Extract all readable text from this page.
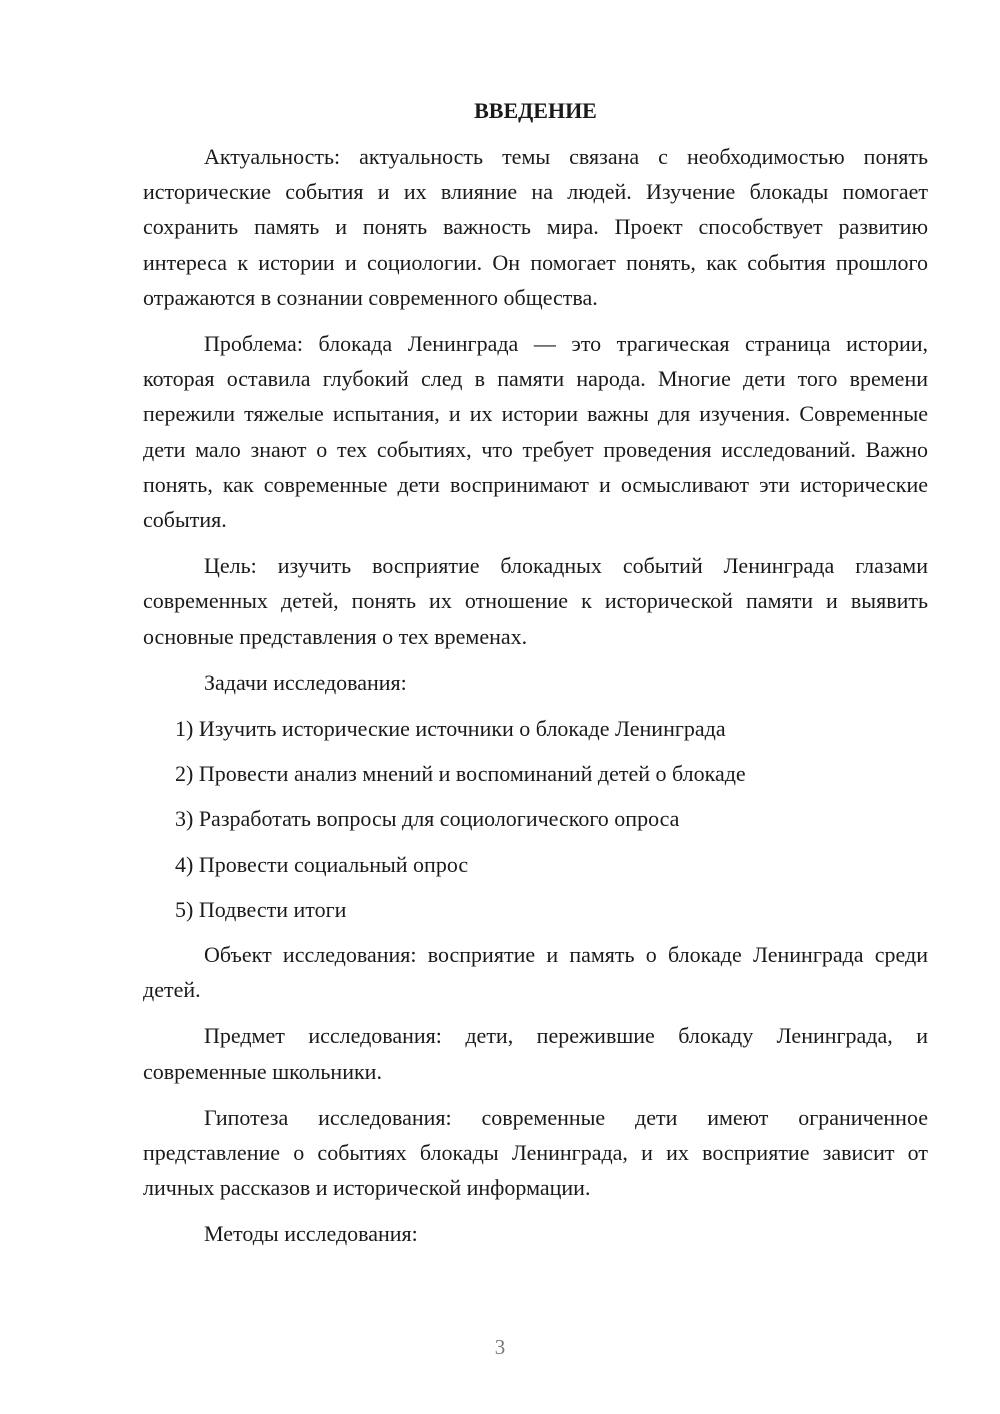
ВВЕДЕНИЕ

Актуальность: актуальность темы связана с необходимостью понять исторические события и их влияние на людей. Изучение блокады помогает сохранить память и понять важность мира. Проект способствует развитию интереса к истории и социологии. Он помогает понять, как события прошлого отражаются в сознании современного общества.

Проблема: блокада Ленинграда — это трагическая страница истории, которая оставила глубокий след в памяти народа. Многие дети того времени пережили тяжелые испытания, и их истории важны для изучения. Современные дети мало знают о тех событиях, что требует проведения исследований. Важно понять, как современные дети воспринимают и осмысливают эти исторические события.

Цель: изучить восприятие блокадных событий Ленинграда глазами современных детей, понять их отношение к исторической памяти и выявить основные представления о тех временах.

Задачи исследования:

1) Изучить исторические источники о блокаде Ленинграда

2) Провести анализ мнений и воспоминаний детей о блокаде

3) Разработать вопросы для социологического опроса

4) Провести социальный опрос

5) Подвести итоги

Объект исследования: восприятие и память о блокаде Ленинграда среди детей.

Предмет исследования: дети, пережившие блокаду Ленинграда, и современные школьники.

Гипотеза исследования: современные дети имеют ограниченное представление о событиях блокады Ленинграда, и их восприятие зависит от личных рассказов и исторической информации.

Методы исследования:

3
